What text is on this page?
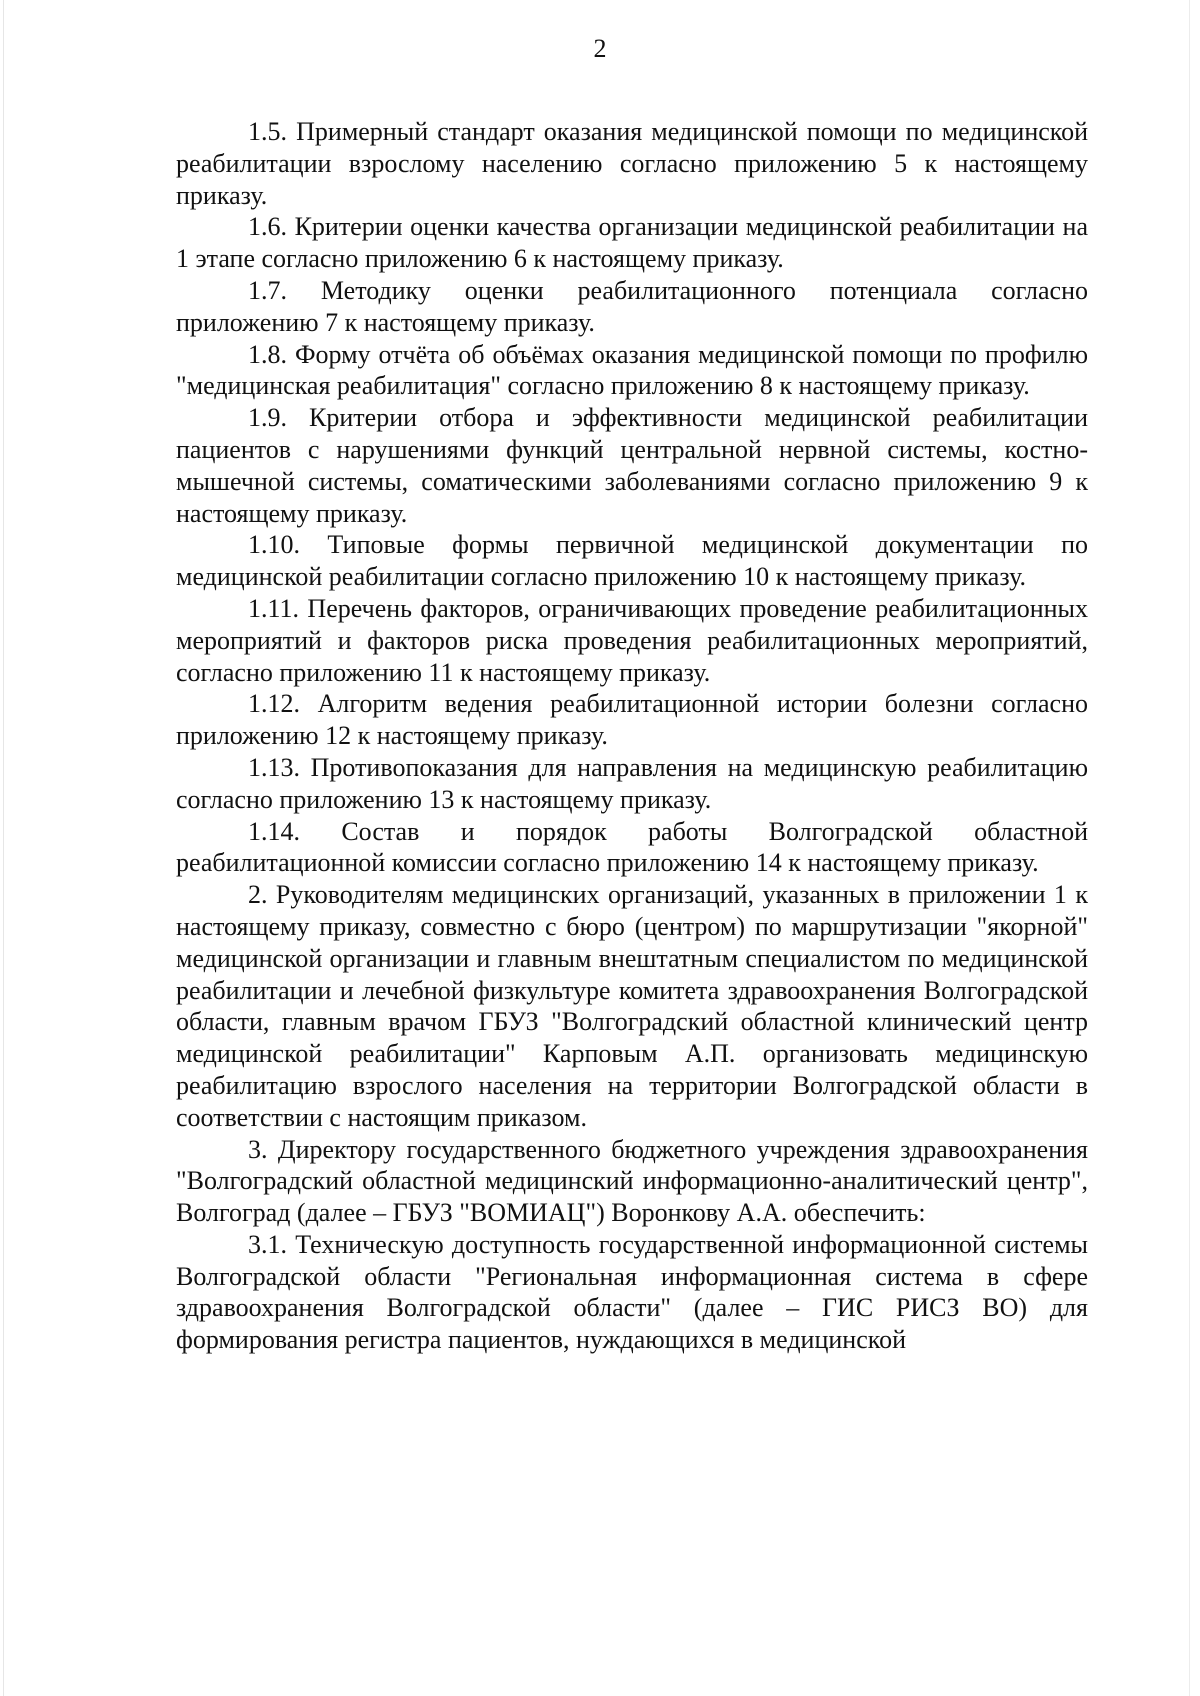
2

1.5. Примерный стандарт оказания медицинской помощи по медицинской реабилитации взрослому населению согласно приложению 5 к настоящему приказу.

1.6. Критерии оценки качества организации медицинской реабилитации на 1 этапе согласно приложению 6 к настоящему приказу.

1.7. Методику оценки реабилитационного потенциала согласно приложению 7 к настоящему приказу.

1.8. Форму отчёта об объёмах оказания медицинской помощи по профилю "медицинская реабилитация" согласно приложению 8 к настоящему приказу.

1.9. Критерии отбора и эффективности медицинской реабилитации пациентов с нарушениями функций центральной нервной системы, костно-мышечной системы, соматическими заболеваниями согласно приложению 9 к настоящему приказу.

1.10. Типовые формы первичной медицинской документации по медицинской реабилитации согласно приложению 10 к настоящему приказу.

1.11. Перечень факторов, ограничивающих проведение реабилитационных мероприятий и факторов риска проведения реабилитационных мероприятий, согласно приложению 11 к настоящему приказу.

1.12. Алгоритм ведения реабилитационной истории болезни согласно приложению 12 к настоящему приказу.

1.13. Противопоказания для направления на медицинскую реабилитацию согласно приложению 13 к настоящему приказу.

1.14. Состав и порядок работы Волгоградской областной реабилитационной комиссии согласно приложению 14 к настоящему приказу.

2. Руководителям медицинских организаций, указанных в приложении 1 к настоящему приказу, совместно с бюро (центром) по маршрутизации "якорной" медицинской организации и главным внештатным специалистом по медицинской реабилитации и лечебной физкультуре комитета здравоохранения Волгоградской области, главным врачом ГБУЗ "Волгоградский областной клинический центр медицинской реабилитации" Карповым А.П. организовать медицинскую реабилитацию взрослого населения на территории Волгоградской области в соответствии с настоящим приказом.

3. Директору государственного бюджетного учреждения здравоохранения "Волгоградский областной медицинский информационно-аналитический центр", Волгоград (далее – ГБУЗ "ВОМИАЦ") Воронкову А.А. обеспечить:

3.1. Техническую доступность государственной информационной системы Волгоградской области "Региональная информационная система в сфере здравоохранения Волгоградской области" (далее – ГИС РИСЗ ВО) для формирования регистра пациентов, нуждающихся в медицинской
